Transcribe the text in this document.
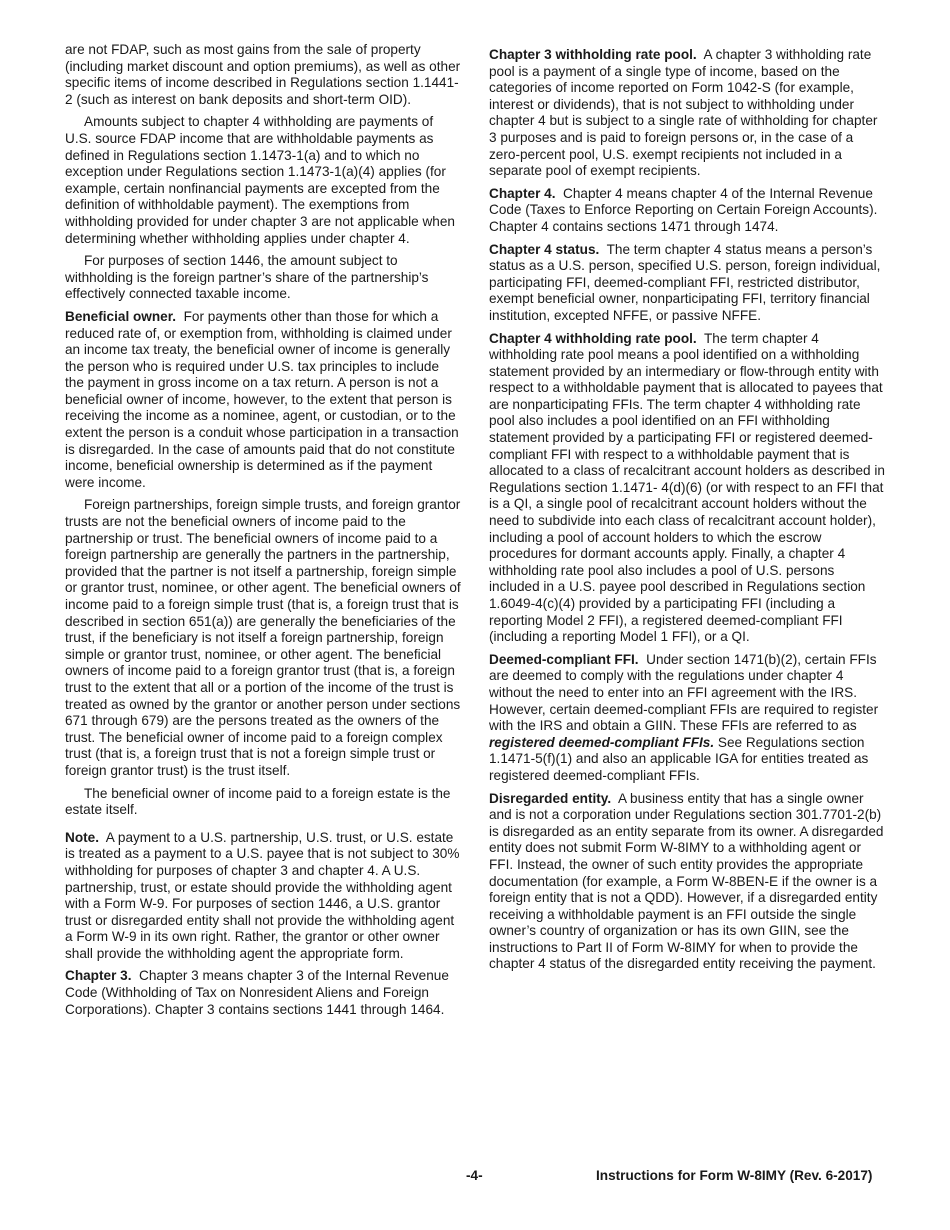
are not FDAP, such as most gains from the sale of property (including market discount and option premiums), as well as other specific items of income described in Regulations section 1.1441-2 (such as interest on bank deposits and short-term OID).

Amounts subject to chapter 4 withholding are payments of U.S. source FDAP income that are withholdable payments as defined in Regulations section 1.1473-1(a) and to which no exception under Regulations section 1.1473-1(a)(4) applies (for example, certain nonfinancial payments are excepted from the definition of withholdable payment). The exemptions from withholding provided for under chapter 3 are not applicable when determining whether withholding applies under chapter 4.

For purposes of section 1446, the amount subject to withholding is the foreign partner’s share of the partnership’s effectively connected taxable income.

Beneficial owner. For payments other than those for which a reduced rate of, or exemption from, withholding is claimed under an income tax treaty, the beneficial owner of income is generally the person who is required under U.S. tax principles to include the payment in gross income on a tax return. A person is not a beneficial owner of income, however, to the extent that person is receiving the income as a nominee, agent, or custodian, or to the extent the person is a conduit whose participation in a transaction is disregarded. In the case of amounts paid that do not constitute income, beneficial ownership is determined as if the payment were income.

Foreign partnerships, foreign simple trusts, and foreign grantor trusts are not the beneficial owners of income paid to the partnership or trust. The beneficial owners of income paid to a foreign partnership are generally the partners in the partnership, provided that the partner is not itself a partnership, foreign simple or grantor trust, nominee, or other agent. The beneficial owners of income paid to a foreign simple trust (that is, a foreign trust that is described in section 651(a)) are generally the beneficiaries of the trust, if the beneficiary is not itself a foreign partnership, foreign simple or grantor trust, nominee, or other agent. The beneficial owners of income paid to a foreign grantor trust (that is, a foreign trust to the extent that all or a portion of the income of the trust is treated as owned by the grantor or another person under sections 671 through 679) are the persons treated as the owners of the trust. The beneficial owner of income paid to a foreign complex trust (that is, a foreign trust that is not a foreign simple trust or foreign grantor trust) is the trust itself.

The beneficial owner of income paid to a foreign estate is the estate itself.

Note. A payment to a U.S. partnership, U.S. trust, or U.S. estate is treated as a payment to a U.S. payee that is not subject to 30% withholding for purposes of chapter 3 and chapter 4. A U.S. partnership, trust, or estate should provide the withholding agent with a Form W-9. For purposes of section 1446, a U.S. grantor trust or disregarded entity shall not provide the withholding agent a Form W-9 in its own right. Rather, the grantor or other owner shall provide the withholding agent the appropriate form.

Chapter 3. Chapter 3 means chapter 3 of the Internal Revenue Code (Withholding of Tax on Nonresident Aliens and Foreign Corporations). Chapter 3 contains sections 1441 through 1464.

Chapter 3 withholding rate pool. A chapter 3 withholding rate pool is a payment of a single type of income, based on the categories of income reported on Form 1042-S (for example, interest or dividends), that is not subject to withholding under chapter 4 but is subject to a single rate of withholding for chapter 3 purposes and is paid to foreign persons or, in the case of a zero-percent pool, U.S. exempt recipients not included in a separate pool of exempt recipients.

Chapter 4. Chapter 4 means chapter 4 of the Internal Revenue Code (Taxes to Enforce Reporting on Certain Foreign Accounts). Chapter 4 contains sections 1471 through 1474.

Chapter 4 status. The term chapter 4 status means a person’s status as a U.S. person, specified U.S. person, foreign individual, participating FFI, deemed-compliant FFI, restricted distributor, exempt beneficial owner, nonparticipating FFI, territory financial institution, excepted NFFE, or passive NFFE.

Chapter 4 withholding rate pool. The term chapter 4 withholding rate pool means a pool identified on a withholding statement provided by an intermediary or flow-through entity with respect to a withholdable payment that is allocated to payees that are nonparticipating FFIs. The term chapter 4 withholding rate pool also includes a pool identified on an FFI withholding statement provided by a participating FFI or registered deemed-compliant FFI with respect to a withholdable payment that is allocated to a class of recalcitrant account holders as described in Regulations section 1.1471- 4(d)(6) (or with respect to an FFI that is a QI, a single pool of recalcitrant account holders without the need to subdivide into each class of recalcitrant account holder), including a pool of account holders to which the escrow procedures for dormant accounts apply. Finally, a chapter 4 withholding rate pool also includes a pool of U.S. persons included in a U.S. payee pool described in Regulations section 1.6049-4(c)(4) provided by a participating FFI (including a reporting Model 2 FFI), a registered deemed-compliant FFI (including a reporting Model 1 FFI), or a QI.

Deemed-compliant FFI. Under section 1471(b)(2), certain FFIs are deemed to comply with the regulations under chapter 4 without the need to enter into an FFI agreement with the IRS. However, certain deemed-compliant FFIs are required to register with the IRS and obtain a GIIN. These FFIs are referred to as registered deemed-compliant FFIs. See Regulations section 1.1471-5(f)(1) and also an applicable IGA for entities treated as registered deemed-compliant FFIs.

Disregarded entity. A business entity that has a single owner and is not a corporation under Regulations section 301.7701-2(b) is disregarded as an entity separate from its owner. A disregarded entity does not submit Form W-8IMY to a withholding agent or FFI. Instead, the owner of such entity provides the appropriate documentation (for example, a Form W-8BEN-E if the owner is a foreign entity that is not a QDD). However, if a disregarded entity receiving a withholdable payment is an FFI outside the single owner’s country of organization or has its own GIIN, see the instructions to Part II of Form W-8IMY for when to provide the chapter 4 status of the disregarded entity receiving the payment.

-4-	Instructions for Form W-8IMY (Rev. 6-2017)
